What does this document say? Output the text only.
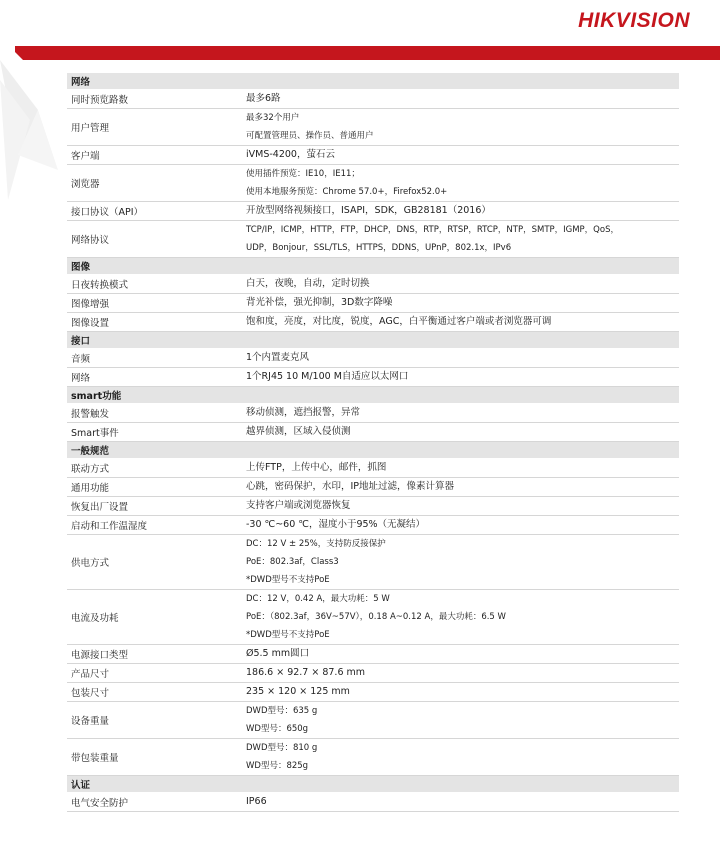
HIKVISION
网络	
同时预览路数	最多6路

用户管理	最多32个用户
可配置管理员、操作员、普通用户

客户端	iVMS-4200，萤石云

浏览器	使用插件预览：IE10，IE11；
使用本地服务预览：Chrome 57.0+，Firefox52.0+

接口协议（API）	开放型网络视频接口，ISAPI，SDK，GB28181（2016）

网络协议	TCP/IP，ICMP，HTTP，FTP，DHCP，DNS，RTP，RTSP，RTCP，NTP，SMTP，IGMP，QoS，
UDP，Bonjour，SSL/TLS，HTTPS，DDNS，UPnP，802.1x，IPv6

图像	
日夜转换模式	白天，夜晚，自动，定时切换

图像增强	背光补偿，强光抑制，3D数字降噪

图像设置	饱和度，亮度，对比度，锐度，AGC，白平衡通过客户端或者浏览器可调

接口	
音频	1个内置麦克风

网络	1个RJ45 10 M/100 M自适应以太网口

smart功能	
报警触发	移动侦测，遮挡报警，异常

Smart事件	越界侦测，区域入侵侦测

一般规范	
联动方式	上传FTP，上传中心，邮件，抓图

通用功能	心跳，密码保护，水印，IP地址过滤，像素计算器

恢复出厂设置	支持客户端或浏览器恢复

启动和工作温湿度	-30 ℃~60 ℃，湿度小于95%（无凝结）

供电方式	DC：12 V ± 25%，支持防反接保护
PoE：802.3af，Class3
*DWD型号不支持PoE

电流及功耗	DC：12 V，0.42 A，最大功耗：5 W
PoE：（802.3af，36V~57V），0.18 A~0.12 A，最大功耗：6.5 W
*DWD型号不支持PoE

电源接口类型	Ø5.5 mm圆口

产品尺寸	186.6 × 92.7 × 87.6 mm

包装尺寸	235 × 120 × 125 mm

设备重量	DWD型号：635 g
WD型号：650g

带包装重量	DWD型号：810 g
WD型号：825g

认证	
电气安全防护	IP66
